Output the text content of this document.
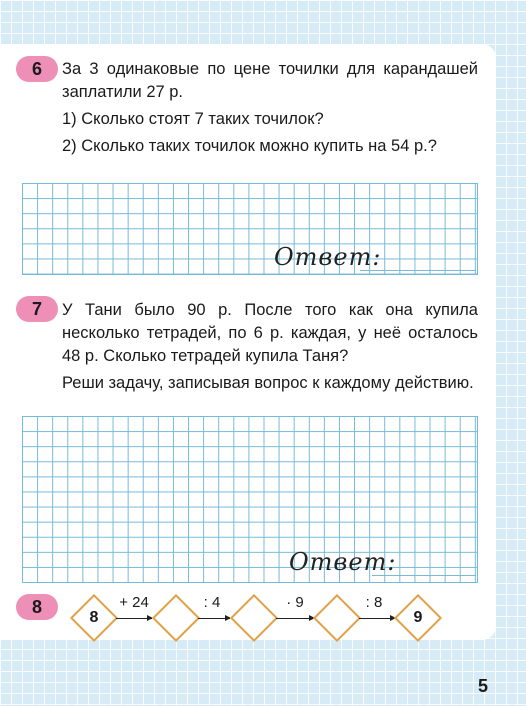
6	За 3 одинаковые по цене точилки для карандашей заплатили 27 р.

1) Сколько стоят 7 таких точилок?

2) Сколько таких точилок можно купить на 54 р.?

Ответ:
7	У Тани было 90 р. После того как она купила несколько тетрадей, по 6 р. каждая, у неё осталось 48 р. Сколько тетрадей купила Таня?

Реши задачу, записывая вопрос к каждому действию.

Ответ:
8
8
+ 24	: 4	· 9	: 8
9
5
